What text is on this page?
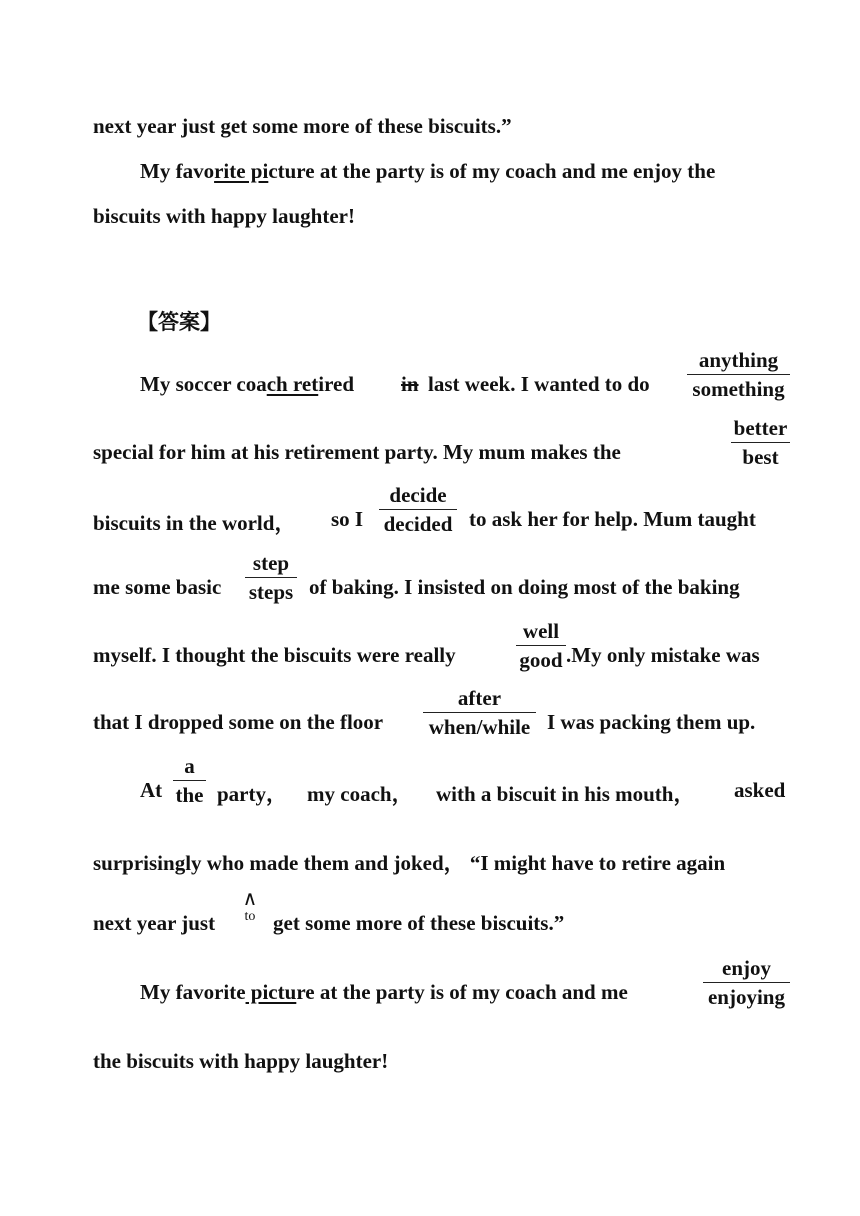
next year just get some more of these biscuits.”
My favorite picture at the party is of my coach and me enjoy the
biscuits with happy laughter!
【答案】
My soccer coach retired in last week. I wanted to do
anything
something
special for him at his retirement party. My mum makes the
better
best
biscuits in the world， so I
decide
decided to ask her for help. Mum taught
me some basic
step
steps of baking. I insisted on doing most of the baking
myself. I thought the biscuits were really
well
good .My only mistake was
that I dropped some on the floor
after
when/while I was packing them up.
At
a
the party， my coach， with a biscuit in his mouth， asked
surprisingly who made them and joked， “I might have to retire again
next year just
∧
to get some more of these biscuits.”
My favorite picture at the party is of my coach and me
enjoy
enjoying
the biscuits with happy laughter!
